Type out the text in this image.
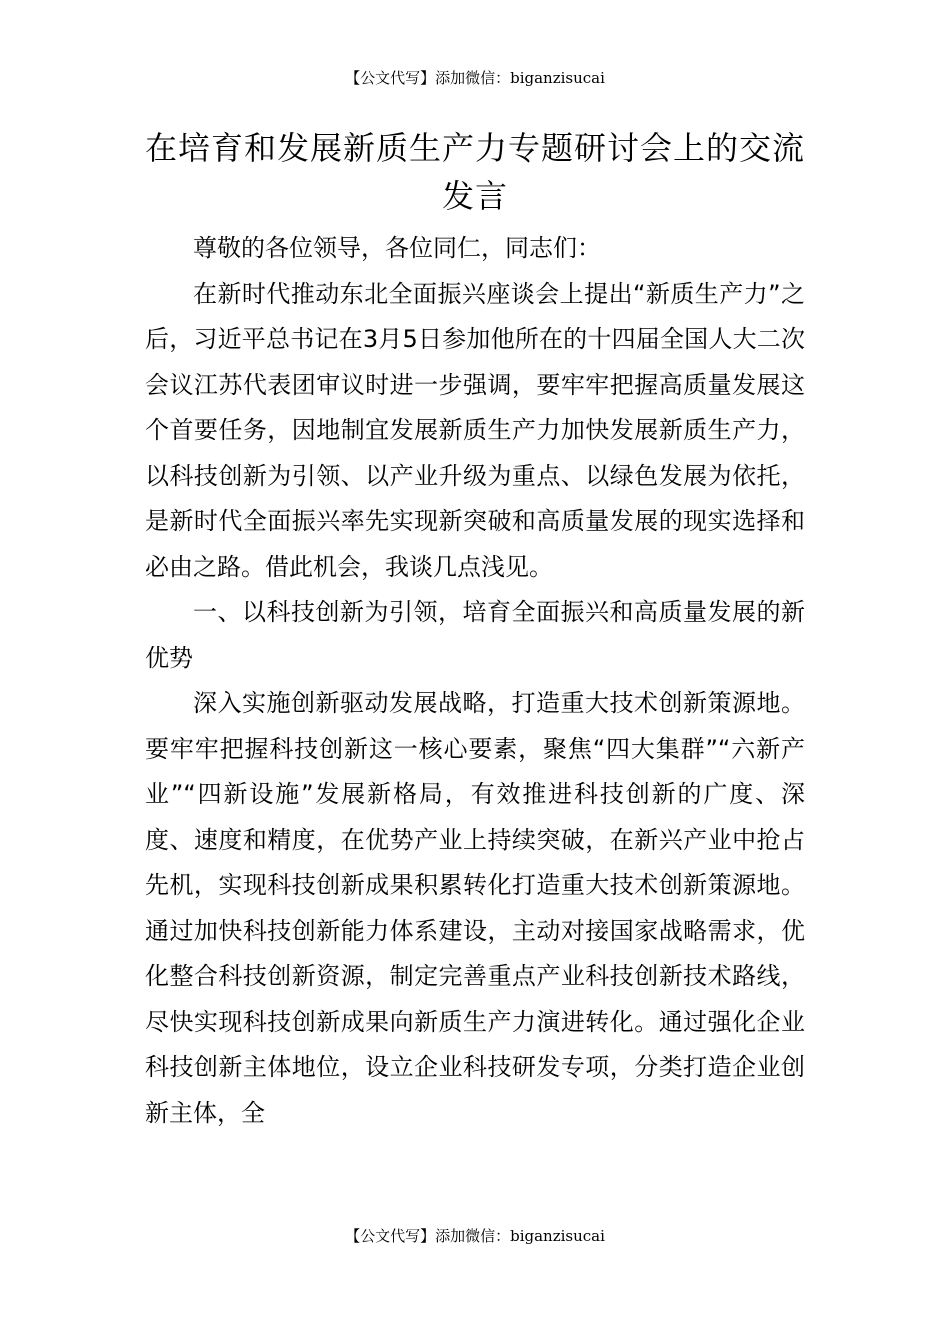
【公文代写】添加微信：biganzisucai
在培育和发展新质生产力专题研讨会上的交流发言

尊敬的各位领导，各位同仁，同志们：

在新时代推动东北全面振兴座谈会上提出“新质生产力”之后，习近平总书记在3月5日参加他所在的十四届全国人大二次会议江苏代表团审议时进一步强调，要牢牢把握高质量发展这个首要任务，因地制宜发展新质生产力加快发展新质生产力，以科技创新为引领、以产业升级为重点、以绿色发展为依托，是新时代全面振兴率先实现新突破和高质量发展的现实选择和必由之路。借此机会，我谈几点浅见。

一、以科技创新为引领，培育全面振兴和高质量发展的新优势

深入实施创新驱动发展战略，打造重大技术创新策源地。要牢牢把握科技创新这一核心要素，聚焦“四大集群”“六新产业”“四新设施”发展新格局，有效推进科技创新的广度、深度、速度和精度，在优势产业上持续突破，在新兴产业中抢占先机，实现科技创新成果积累转化打造重大技术创新策源地。通过加快科技创新能力体系建设，主动对接国家战略需求，优化整合科技创新资源，制定完善重点产业科技创新技术路线，尽快实现科技创新成果向新质生产力演进转化。通过强化企业科技创新主体地位，设立企业科技研发专项，分类打造企业创新主体，全

【公文代写】添加微信：biganzisucai
